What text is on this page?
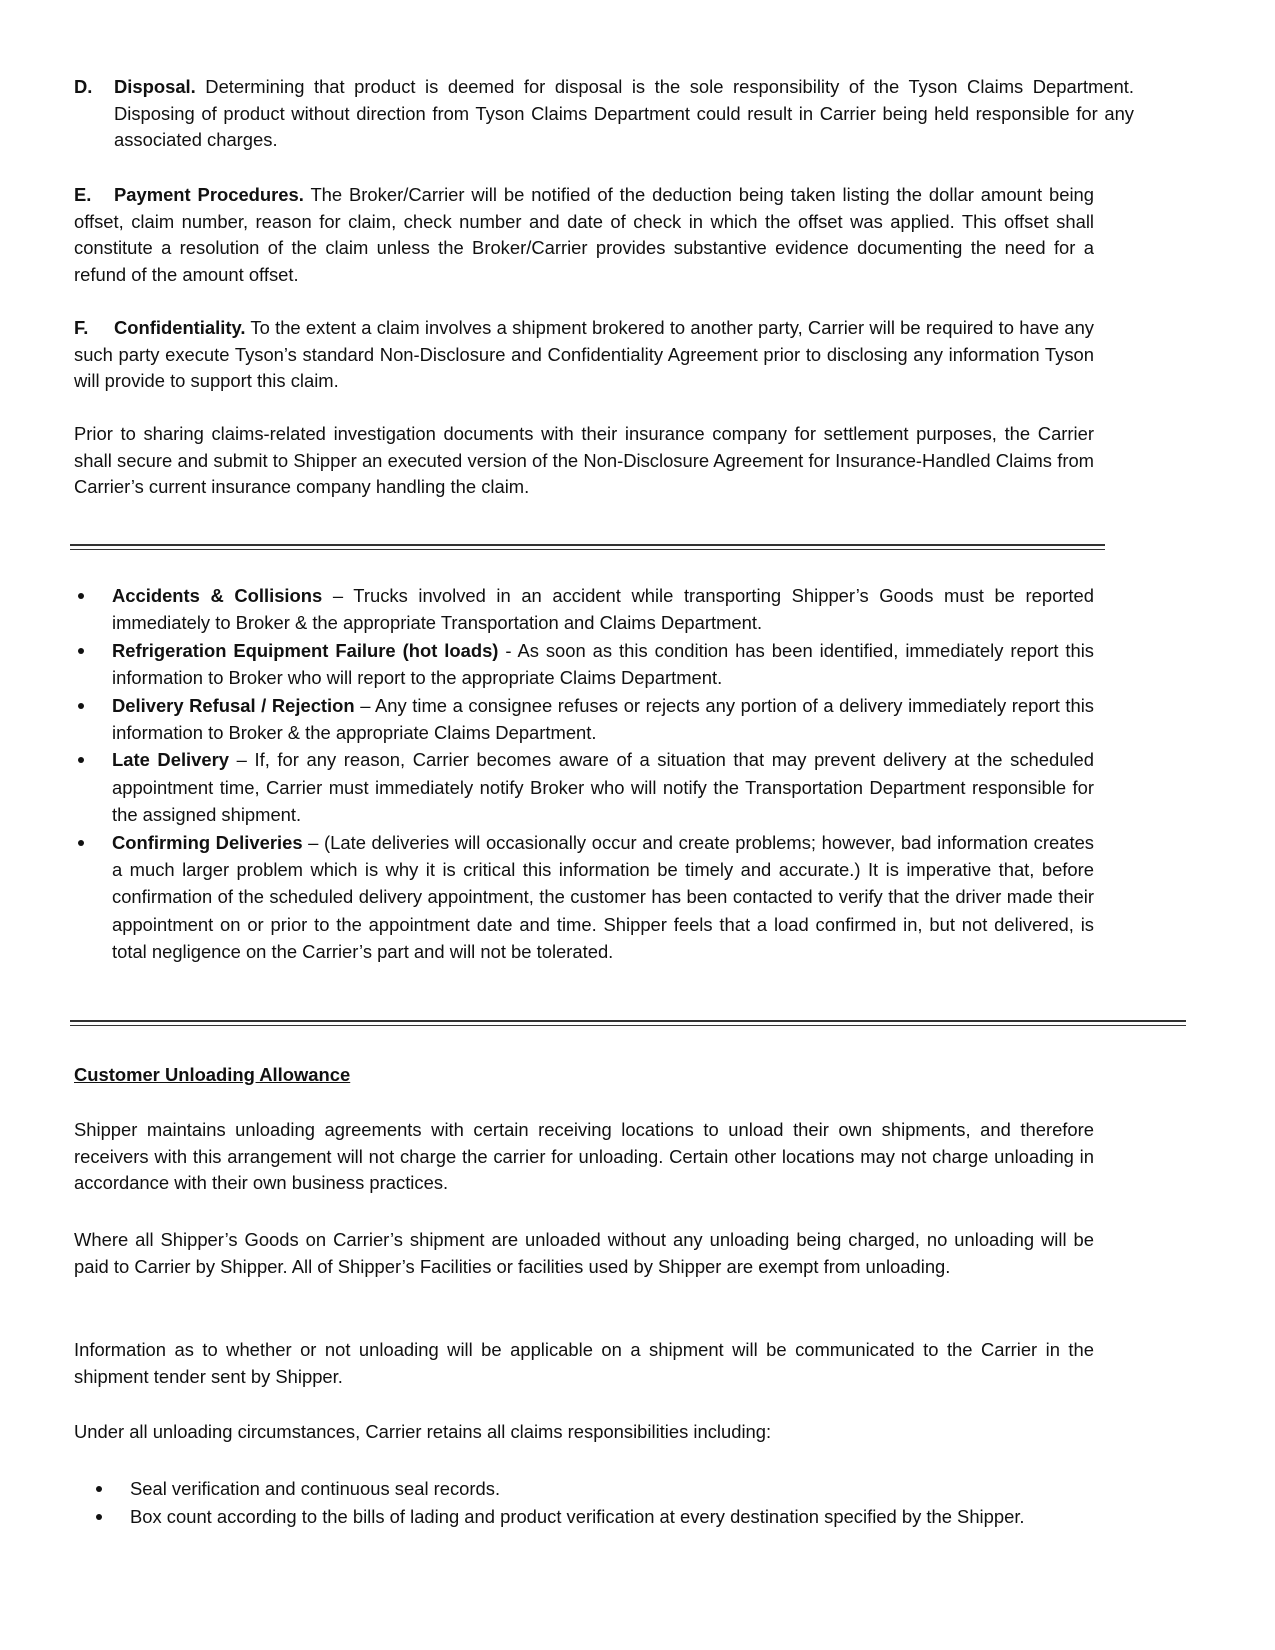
D. Disposal. Determining that product is deemed for disposal is the sole responsibility of the Tyson Claims Department. Disposing of product without direction from Tyson Claims Department could result in Carrier being held responsible for any associated charges.

E. Payment Procedures. The Broker/Carrier will be notified of the deduction being taken listing the dollar amount being offset, claim number, reason for claim, check number and date of check in which the offset was applied. This offset shall constitute a resolution of the claim unless the Broker/Carrier provides substantive evidence documenting the need for a refund of the amount offset.

F. Confidentiality. To the extent a claim involves a shipment brokered to another party, Carrier will be required to have any such party execute Tyson’s standard Non-Disclosure and Confidentiality Agreement prior to disclosing any information Tyson will provide to support this claim.

Prior to sharing claims-related investigation documents with their insurance company for settlement purposes, the Carrier shall secure and submit to Shipper an executed version of the Non-Disclosure Agreement for Insurance-Handled Claims from Carrier’s current insurance company handling the claim.

Accidents & Collisions – Trucks involved in an accident while transporting Shipper’s Goods must be reported immediately to Broker & the appropriate Transportation and Claims Department.
Refrigeration Equipment Failure (hot loads) - As soon as this condition has been identified, immediately report this information to Broker who will report to the appropriate Claims Department.
Delivery Refusal / Rejection – Any time a consignee refuses or rejects any portion of a delivery immediately report this information to Broker & the appropriate Claims Department.
Late Delivery – If, for any reason, Carrier becomes aware of a situation that may prevent delivery at the scheduled appointment time, Carrier must immediately notify Broker who will notify the Transportation Department responsible for the assigned shipment.
Confirming Deliveries – (Late deliveries will occasionally occur and create problems; however, bad information creates a much larger problem which is why it is critical this information be timely and accurate.) It is imperative that, before confirmation of the scheduled delivery appointment, the customer has been contacted to verify that the driver made their appointment on or prior to the appointment date and time. Shipper feels that a load confirmed in, but not delivered, is total negligence on the Carrier’s part and will not be tolerated.
Customer Unloading Allowance

Shipper maintains unloading agreements with certain receiving locations to unload their own shipments, and therefore receivers with this arrangement will not charge the carrier for unloading. Certain other locations may not charge unloading in accordance with their own business practices.

Where all Shipper’s Goods on Carrier’s shipment are unloaded without any unloading being charged, no unloading will be paid to Carrier by Shipper. All of Shipper’s Facilities or facilities used by Shipper are exempt from unloading.

Information as to whether or not unloading will be applicable on a shipment will be communicated to the Carrier in the shipment tender sent by Shipper.

Under all unloading circumstances, Carrier retains all claims responsibilities including:

Seal verification and continuous seal records.
Box count according to the bills of lading and product verification at every destination specified by the Shipper.
